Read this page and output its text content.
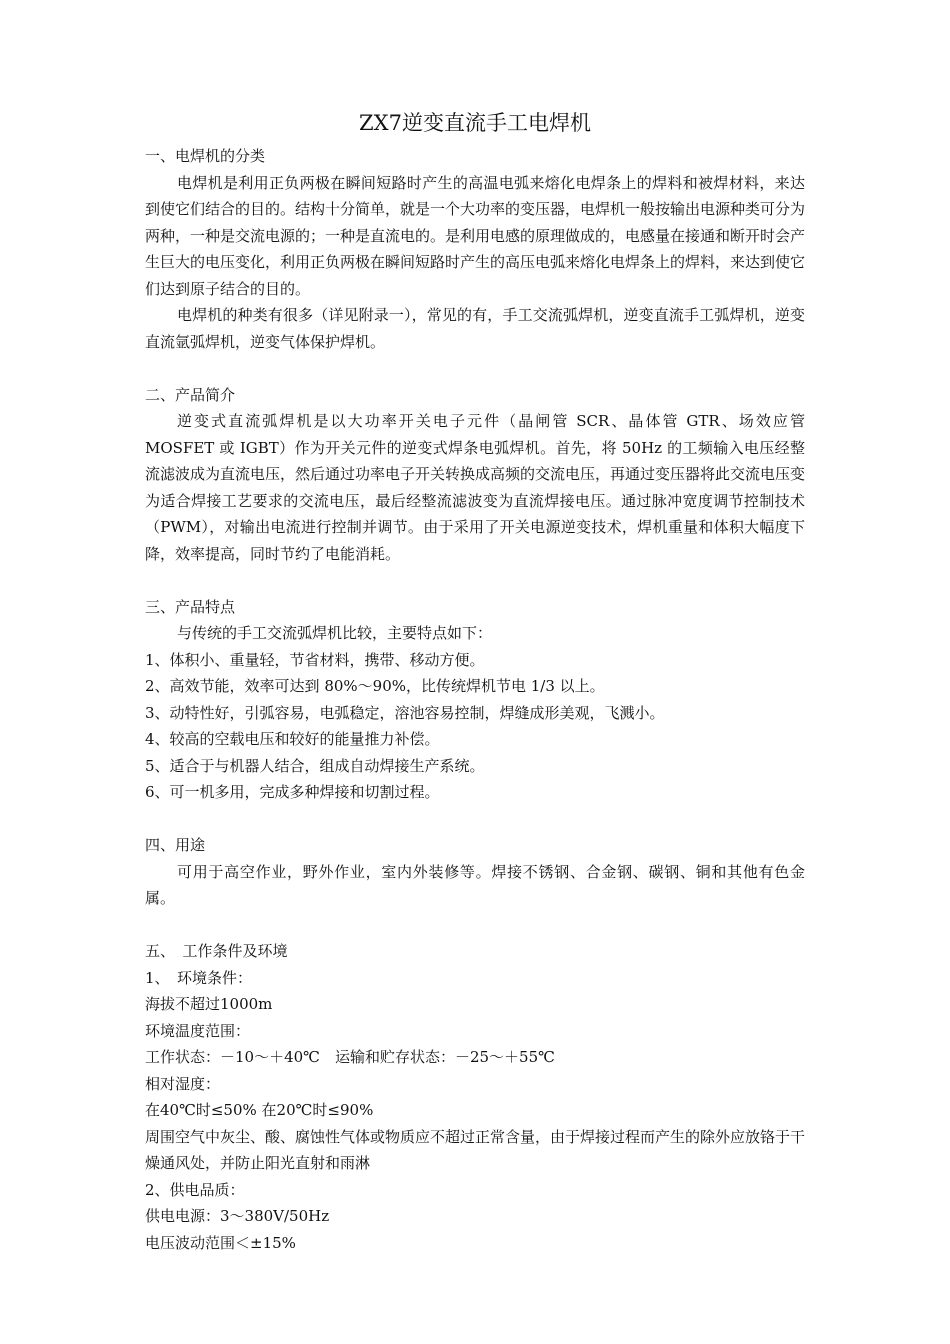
ZX7逆变直流手工电焊机

一、电焊机的分类

电焊机是利用正负两极在瞬间短路时产生的高温电弧来熔化电焊条上的焊料和被焊材料，来达到使它们结合的目的。结构十分简单，就是一个大功率的变压器，电焊机一般按输出电源种类可分为两种，一种是交流电源的；一种是直流电的。是利用电感的原理做成的，电感量在接通和断开时会产生巨大的电压变化，利用正负两极在瞬间短路时产生的高压电弧来熔化电焊条上的焊料，来达到使它们达到原子结合的目的。

电焊机的种类有很多（详见附录一），常见的有，手工交流弧焊机，逆变直流手工弧焊机，逆变直流氩弧焊机，逆变气体保护焊机。

二、产品简介

逆变式直流弧焊机是以大功率开关电子元件（晶闸管 SCR、晶体管 GTR、场效应管 MOSFET 或 IGBT）作为开关元件的逆变式焊条电弧焊机。首先，将 50Hz 的工频输入电压经整流滤波成为直流电压，然后通过功率电子开关转换成高频的交流电压，再通过变压器将此交流电压变为适合焊接工艺要求的交流电压，最后经整流滤波变为直流焊接电压。通过脉冲宽度调节控制技术（PWM），对输出电流进行控制并调节。由于采用了开关电源逆变技术，焊机重量和体积大幅度下降，效率提高，同时节约了电能消耗。

三、产品特点

与传统的手工交流弧焊机比较，主要特点如下：

1、体积小、重量轻，节省材料，携带、移动方便。

2、高效节能，效率可达到 80%～90%，比传统焊机节电 1/3 以上。

3、动特性好，引弧容易，电弧稳定，溶池容易控制，焊缝成形美观，飞溅小。

4、较高的空载电压和较好的能量推力补偿。

5、适合于与机器人结合，组成自动焊接生产系统。

6、可一机多用，完成多种焊接和切割过程。

四、用途

可用于高空作业，野外作业，室内外装修等。焊接不锈钢、合金钢、碳钢、铜和其他有色金属。

五、　工作条件及环境

1、　环境条件：

海拔不超过1000m

环境温度范围：

工作状态：－10～＋40℃　运输和贮存状态：－25～＋55℃

相对湿度：

在40℃时≤50% 在20℃时≤90%

周围空气中灰尘、酸、腐蚀性气体或物质应不超过正常含量，由于焊接过程而产生的除外应放铬于干燥通风处，并防止阳光直射和雨淋

2、供电品质：

供电电源：3～380V/50Hz

电压波动范围＜±15%
